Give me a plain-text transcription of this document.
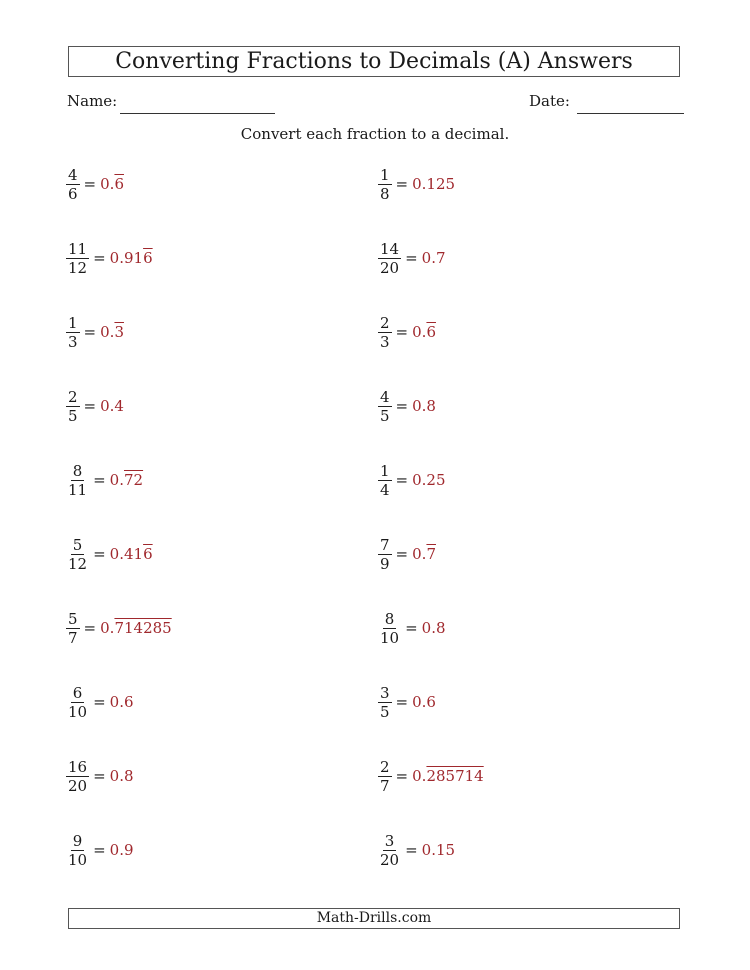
Converting Fractions to Decimals (A) Answers
Name:	Date:
Convert each fraction to a decimal.
$\frac{4}{6} = 0.6$
$\frac{11}{12} = 0.916$
$\frac{1}{3} = 0.3$
$\frac{2}{5} = 0.4$
$\frac{8}{11} = 0.72$
$\frac{5}{12} = 0.416$
$\frac{5}{7} = 0.714285$
$\frac{6}{10} = 0.6$
$\frac{16}{20} = 0.8$
$\frac{9}{10} = 0.9$
$\frac{1}{8} = 0.125$
$\frac{14}{20} = 0.7$
$\frac{2}{3} = 0.6$
$\frac{4}{5} = 0.8$
$\frac{1}{4} = 0.25$
$\frac{7}{9} = 0.7$
$\frac{8}{10} = 0.8$
$\frac{3}{5} = 0.6$
$\frac{2}{7} = 0.285714$
$\frac{3}{20} = 0.15$
Math-Drills.com
